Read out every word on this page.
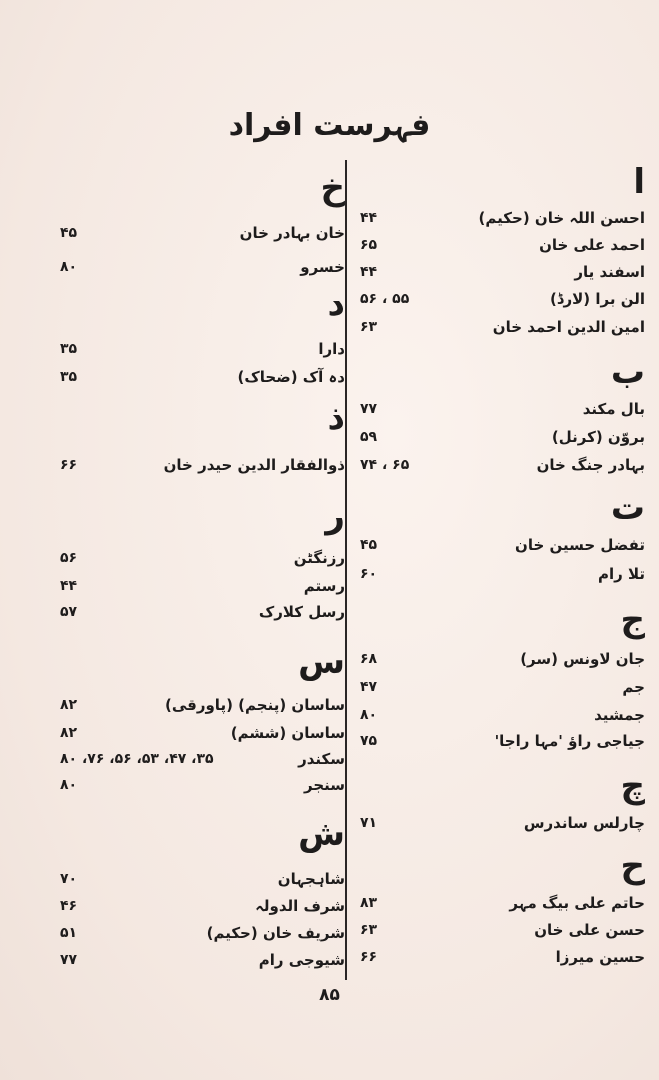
فہرست افراد
ا
احسن اللہ خان (حکیم)
۴۴
احمد علی خان
۶۵
اسفند یار
۴۴
الن برا (لارڈ)
۵۵ ، ۵۶
امین الدین احمد خان
۶۳
ب
بال مکند
۷۷
بروّن (کرنل)
۵۹
بہادر جنگ خان
۶۵ ، ۷۴
ت
تفضل حسین خان
۴۵
تلا رام
۶۰
ج
جان لاونس (سر)
۶۸
جم
۴۷
جمشید
۸۰
جیاجی راؤ 'مہا راجا'
۷۵
چ
چارلس ساندرس
۷۱
ح
حاتم علی بیگ مہر
۸۳
حسن علی خان
۶۳
حسین میرزا
۶۶
خ
خان بہادر خان
۴۵
خسرو
۸۰
د
دارا
۳۵
دہ آک (ضحاک)
۳۵
ذ
ذوالفقار الدین حیدر خان
۶۶
ر
رزنگٹن
۵۶
رستم
۴۴
رسل کلارک
۵۷
س
ساسان (پنجم) (پاورقی)
۸۲
ساسان (ششم)
۸۲
سکندر
۳۵، ۴۷، ۵۳، ۵۶، ۷۶، ۸۰
سنجر
۸۰
ش
شاہجہان
۷۰
شرف الدولہ
۴۶
شریف خان (حکیم)
۵۱
شیوجی رام
۷۷
۸۵
